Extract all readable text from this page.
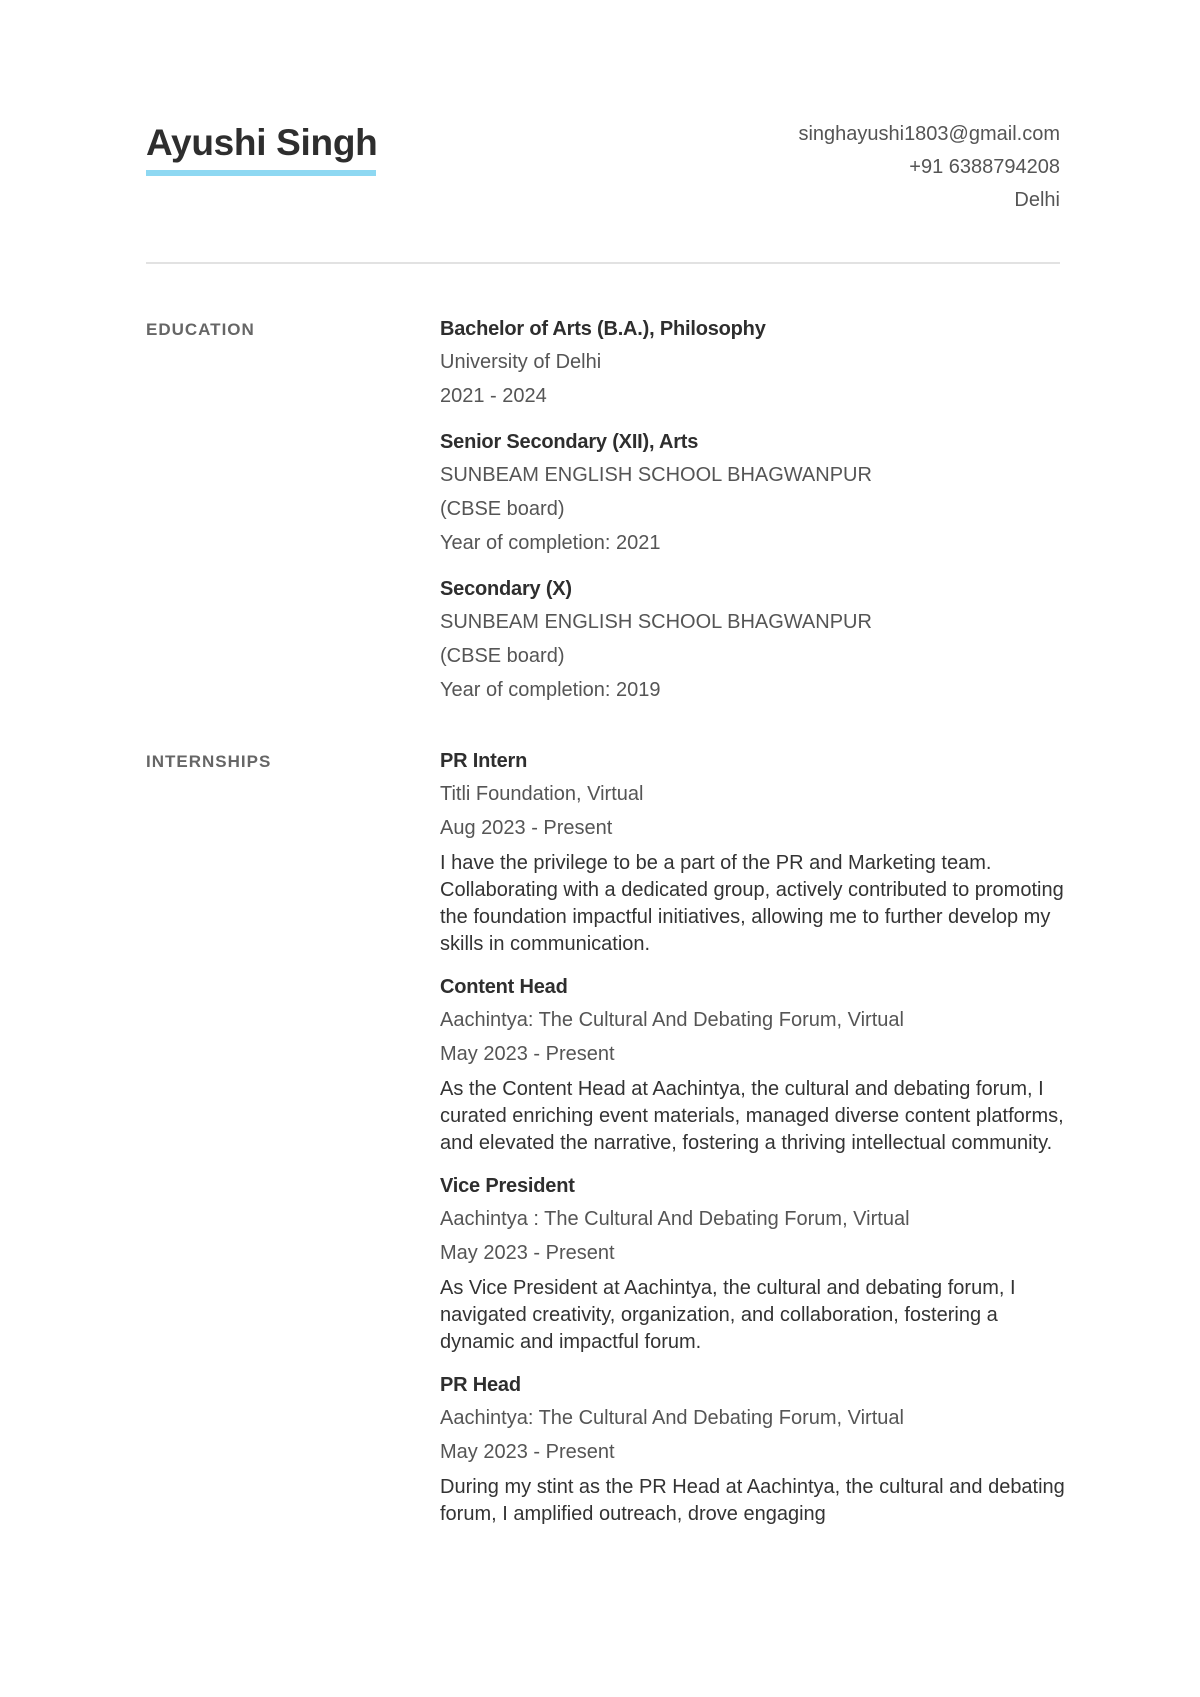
Ayushi Singh	singhayushi1803@gmail.com
+91 6388794208
Delhi
EDUCATION	Bachelor of Arts (B.A.), Philosophy
University of Delhi
2021 - 2024
Senior Secondary (XII), Arts
SUNBEAM ENGLISH SCHOOL BHAGWANPUR
(CBSE board)
Year of completion: 2021
Secondary (X)
SUNBEAM ENGLISH SCHOOL BHAGWANPUR
(CBSE board)
Year of completion: 2019
INTERNSHIPS	PR Intern
Titli Foundation, Virtual
Aug 2023 - Present
I have the privilege to be a part of the PR and Marketing team. Collaborating with a dedicated group, actively contributed to promoting the foundation impactful initiatives, allowing me to further develop my skills in communication.
Content Head
Aachintya: The Cultural And Debating Forum, Virtual
May 2023 - Present
As the Content Head at Aachintya, the cultural and debating forum, I curated enriching event materials, managed diverse content platforms, and elevated the narrative, fostering a thriving intellectual community.
Vice President
Aachintya : The Cultural And Debating Forum, Virtual
May 2023 - Present
As Vice President at Aachintya, the cultural and debating forum, I navigated creativity, organization, and collaboration, fostering a dynamic and impactful forum.
PR Head
Aachintya: The Cultural And Debating Forum, Virtual
May 2023 - Present
During my stint as the PR Head at Aachintya, the cultural and debating forum, I amplified outreach, drove engaging
